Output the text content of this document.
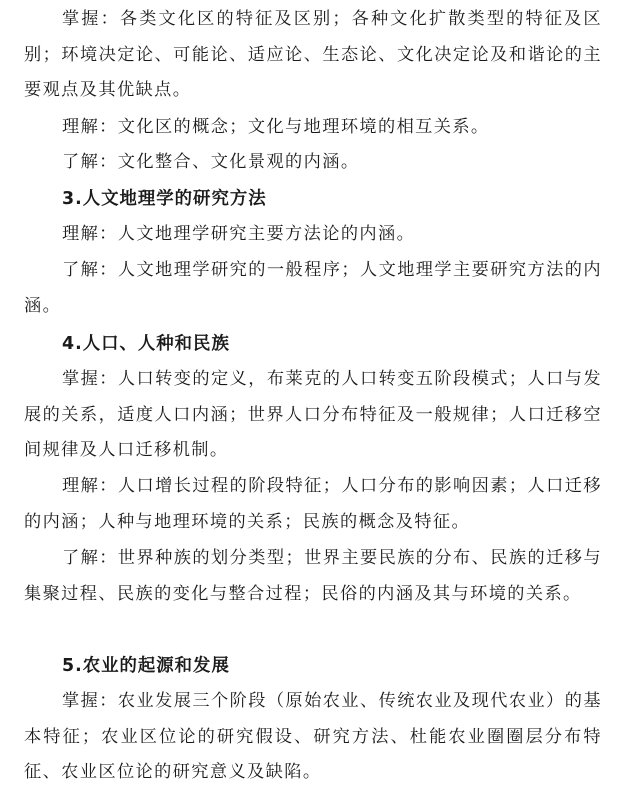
掌握：各类文化区的特征及区别；各种文化扩散类型的特征及区别；环境决定论、可能论、适应论、生态论、文化决定论及和谐论的主要观点及其优缺点。

理解：文化区的概念；文化与地理环境的相互关系。

了解：文化整合、文化景观的内涵。

3.人文地理学的研究方法

理解：人文地理学研究主要方法论的内涵。

了解：人文地理学研究的一般程序；人文地理学主要研究方法的内涵。

4.人口、人种和民族

掌握：人口转变的定义，布莱克的人口转变五阶段模式；人口与发展的关系，适度人口内涵；世界人口分布特征及一般规律；人口迁移空间规律及人口迁移机制。

理解：人口增长过程的阶段特征；人口分布的影响因素；人口迁移的内涵；人种与地理环境的关系；民族的概念及特征。

了解：世界种族的划分类型；世界主要民族的分布、民族的迁移与集聚过程、民族的变化与整合过程；民俗的内涵及其与环境的关系。

5.农业的起源和发展

掌握：农业发展三个阶段（原始农业、传统农业及现代农业）的基本特征；农业区位论的研究假设、研究方法、杜能农业圈圈层分布特征、农业区位论的研究意义及缺陷。
